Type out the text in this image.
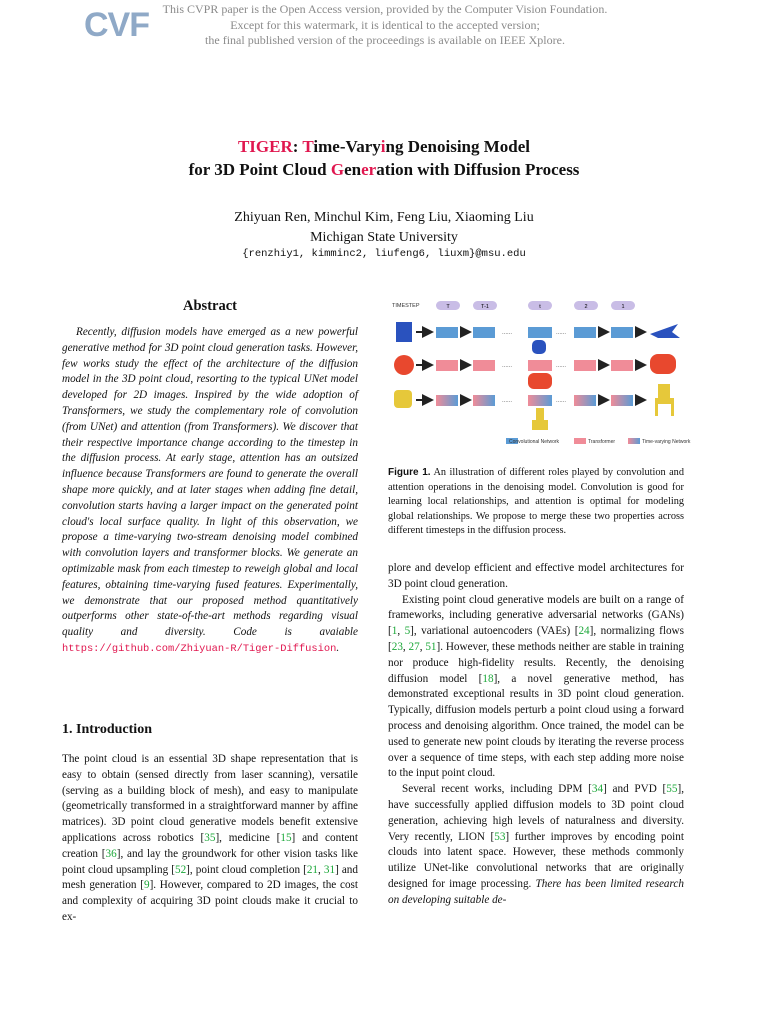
CVF	This CVPR paper is the Open Access version, provided by the Computer Vision Foundation.
Except for this watermark, it is identical to the accepted version;
the final published version of the proceedings is available on IEEE Xplore.
TIGER: Time-Varying Denoising Model
for 3D Point Cloud Generation with Diffusion Process
Zhiyuan Ren, Minchul Kim, Feng Liu, Xiaoming Liu
Michigan State University
{renzhiy1, kimminc2, liufeng6, liuxm}@msu.edu
Abstract
Recently, diffusion models have emerged as a new powerful generative method for 3D point cloud generation tasks. However, few works study the effect of the architecture of the diffusion model in the 3D point cloud, resorting to the typical UNet model developed for 2D images. Inspired by the wide adoption of Transformers, we study the complementary role of convolution (from UNet) and attention (from Transformers). We discover that their respective importance change according to the timestep in the diffusion process. At early stage, attention has an outsized influence because Transformers are found to generate the overall shape more quickly, and at later stages when adding fine detail, convolution starts having a larger impact on the generated point cloud's local surface quality. In light of this observation, we propose a time-varying two-stream denoising model combined with convolution layers and transformer blocks. We generate an optimizable mask from each timestep to reweigh global and local features, obtaining time-varying fused features. Experimentally, we demonstrate that our proposed method quantitatively outperforms other state-of-the-art methods regarding visual quality and diversity. Code is avaiable https://github.com/Zhiyuan-R/Tiger-Diffusion.
1. Introduction
The point cloud is an essential 3D shape representation that is easy to obtain (sensed directly from laser scanning), versatile (serving as a building block of mesh), and easy to manipulate (geometrically transformed in a straightforward manner by affine matrices). 3D point cloud generative models benefit extensive applications across robotics [35], medicine [15] and content creation [36], and lay the groundwork for other vision tasks like point cloud upsampling [52], point cloud completion [21, 31] and mesh generation [9]. However, compared to 2D images, the cost and complexity of acquiring 3D point clouds make it crucial to ex-
TIMESTEP	T	T-1	t	2	1
......	......
......	......
......	......
Convolutional Network	Transformer	Time-varying Network
Figure 1. An illustration of different roles played by convolution and attention operations in the denoising model. Convolution is good for learning local relationships, and attention is optimal for modeling global relationships. We propose to merge these two properties across different timesteps in the diffusion process.

plore and develop efficient and effective model architectures for 3D point cloud generation.

Existing point cloud generative models are built on a range of frameworks, including generative adversarial networks (GANs) [1, 5], variational autoencoders (VAEs) [24], normalizing flows [23, 27, 51]. However, these methods neither are stable in training nor produce high-fidelity results. Recently, the denoising diffusion model [18], a novel generative method, has demonstrated exceptional results in 3D point cloud generation. Typically, diffusion models perturb a point cloud using a forward process and denoising algorithm. Once trained, the model can be used to generate new point clouds by iterating the reverse process over a sequence of time steps, with each step adding more noise to the input point cloud.

Several recent works, including DPM [34] and PVD [55], have successfully applied diffusion models to 3D point cloud generation, achieving high levels of naturalness and diversity. Very recently, LION [53] further improves by encoding point clouds into latent space. However, these methods commonly utilize UNet-like convolutional networks that are originally designed for image processing. There has been limited research on developing suitable de-
